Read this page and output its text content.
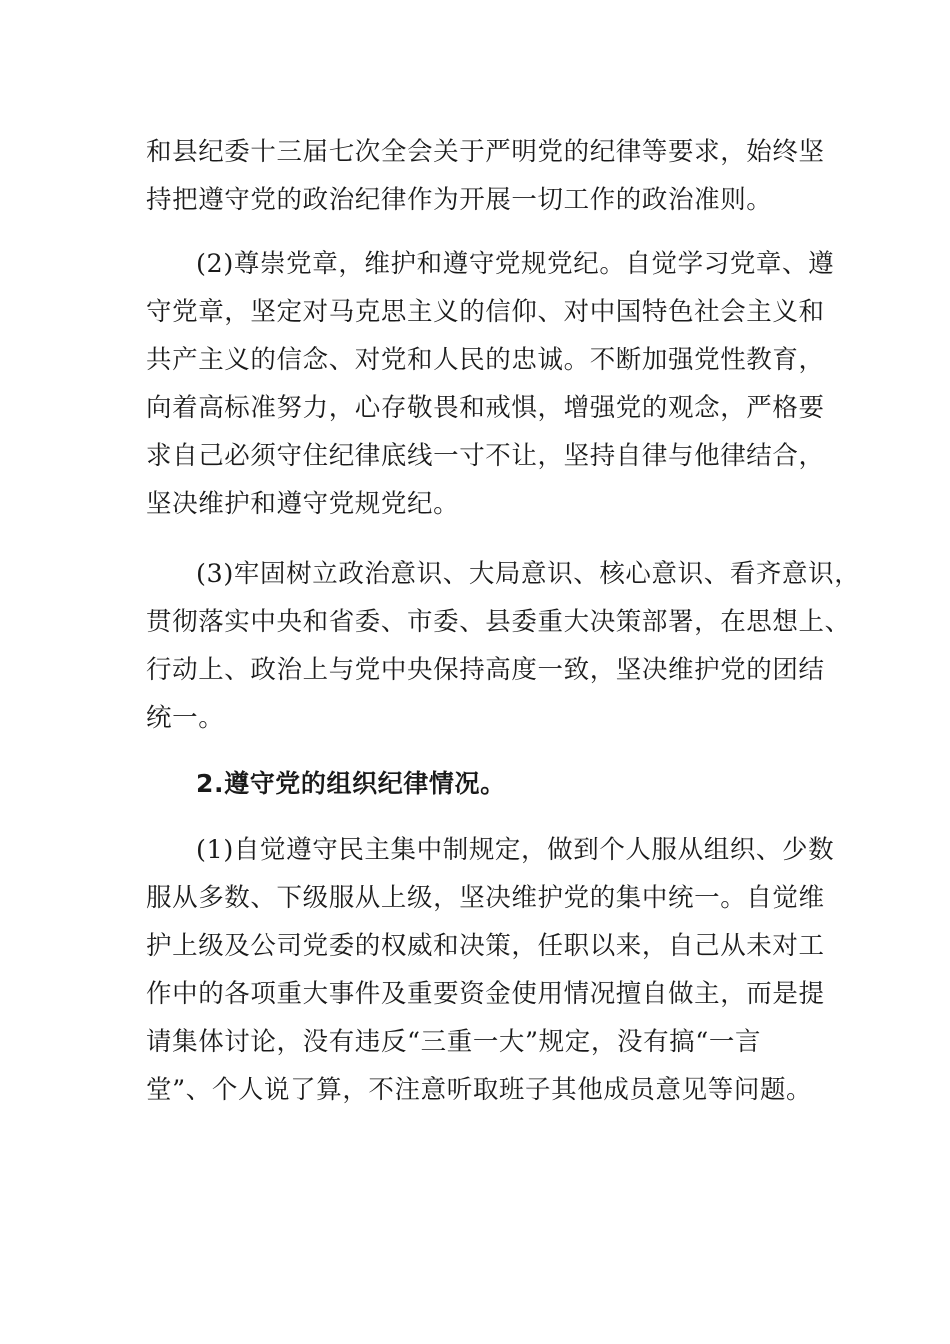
和县纪委十三届七次全会关于严明党的纪律等要求，始终坚
持把遵守党的政治纪律作为开展一切工作的政治准则。
(2)尊崇党章，维护和遵守党规党纪。自觉学习党章、遵
守党章，坚定对马克思主义的信仰、对中国特色社会主义和
共产主义的信念、对党和人民的忠诚。不断加强党性教育，
向着高标准努力，心存敬畏和戒惧，增强党的观念，严格要
求自己必须守住纪律底线一寸不让，坚持自律与他律结合，
坚决维护和遵守党规党纪。
(3)牢固树立政治意识、大局意识、核心意识、看齐意识，
贯彻落实中央和省委、市委、县委重大决策部署，在思想上、
行动上、政治上与党中央保持高度一致，坚决维护党的团结
统一。
2.遵守党的组织纪律情况。
(1)自觉遵守民主集中制规定，做到个人服从组织、少数
服从多数、下级服从上级，坚决维护党的集中统一。自觉维
护上级及公司党委的权威和决策，任职以来，自己从未对工
作中的各项重大事件及重要资金使用情况擅自做主，而是提
请集体讨论，没有违反“三重一大”规定，没有搞“一言
堂”、个人说了算，不注意听取班子其他成员意见等问题。
